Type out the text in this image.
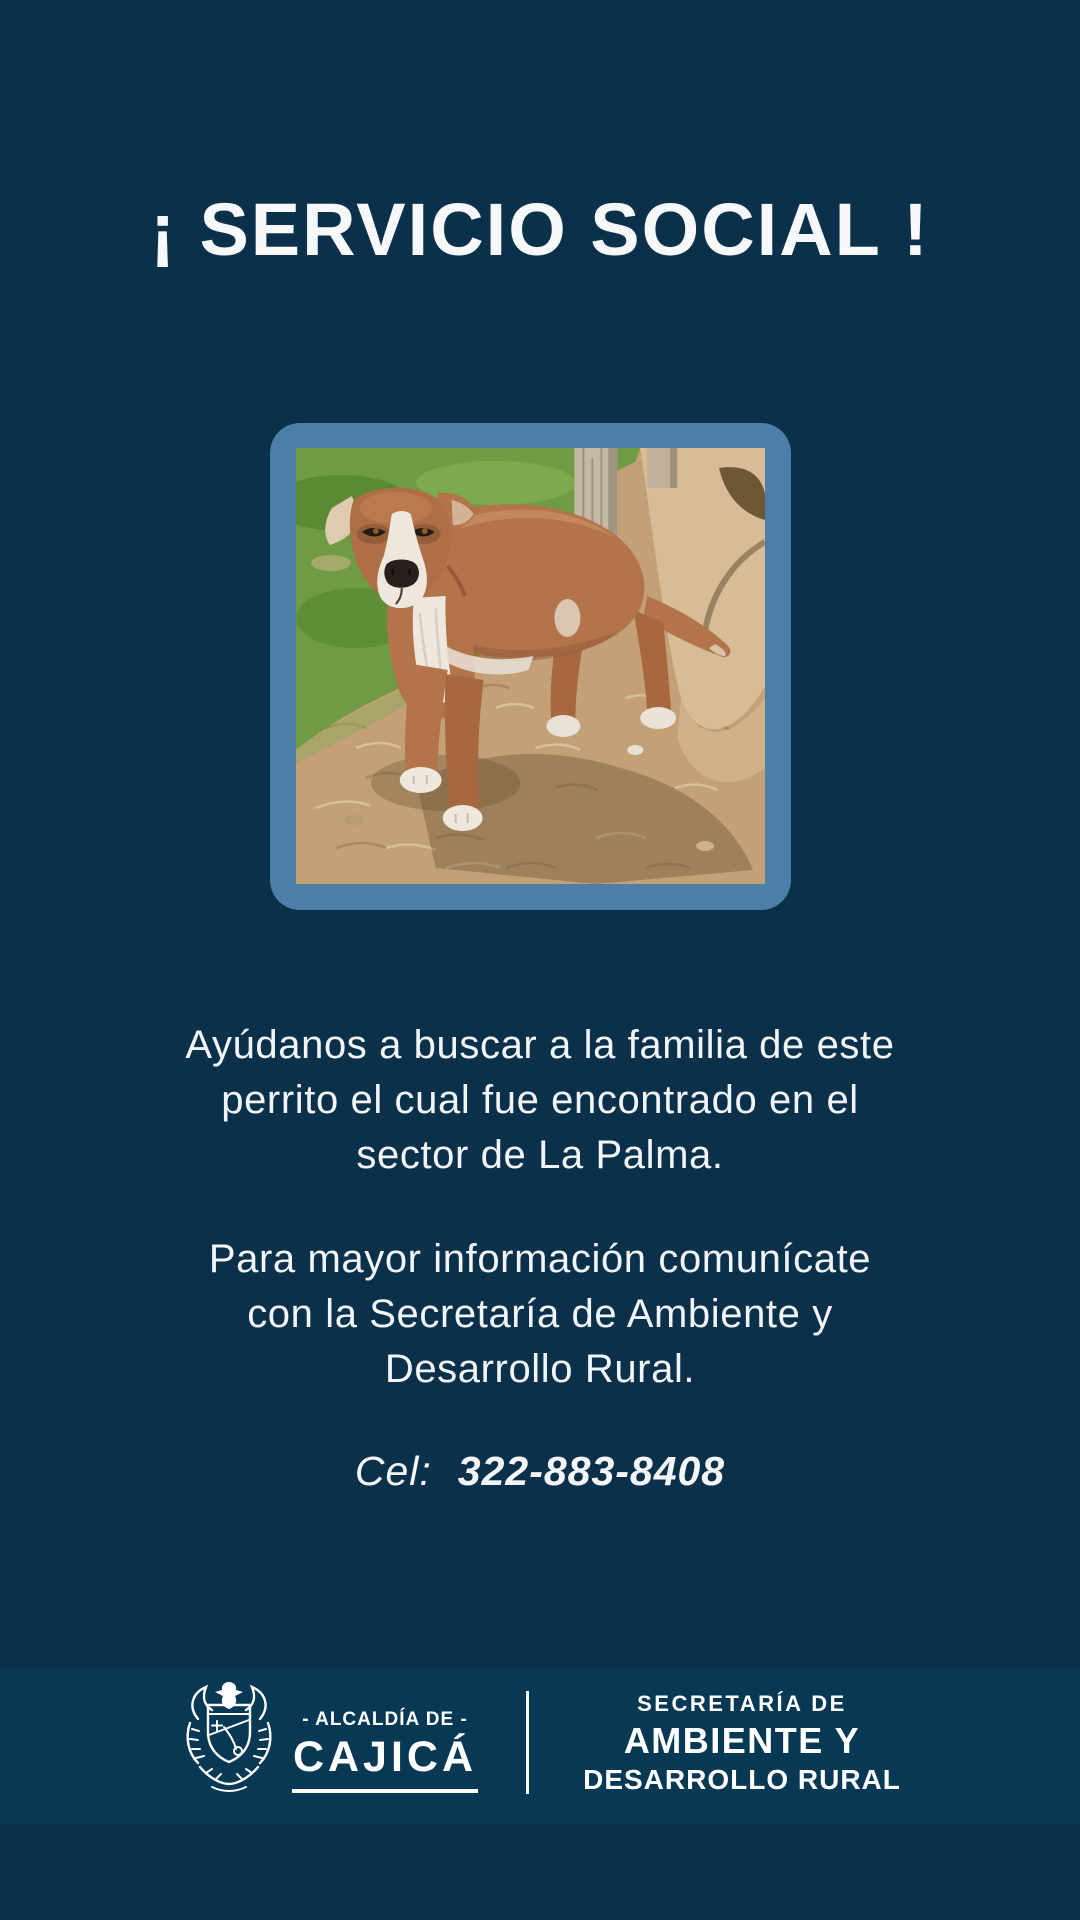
¡ SERVICIO SOCIAL !
Ayúdanos a buscar a la familia de este
perrito el cual fue encontrado en el
sector de La Palma.
Para mayor información comunícate
con la Secretaría de Ambiente y
Desarrollo Rural.
Cel: 322-883-8408
- ALCALDÍA DE -
CAJICÁ
SECRETARÍA DE
AMBIENTE Y
DESARROLLO RURAL
